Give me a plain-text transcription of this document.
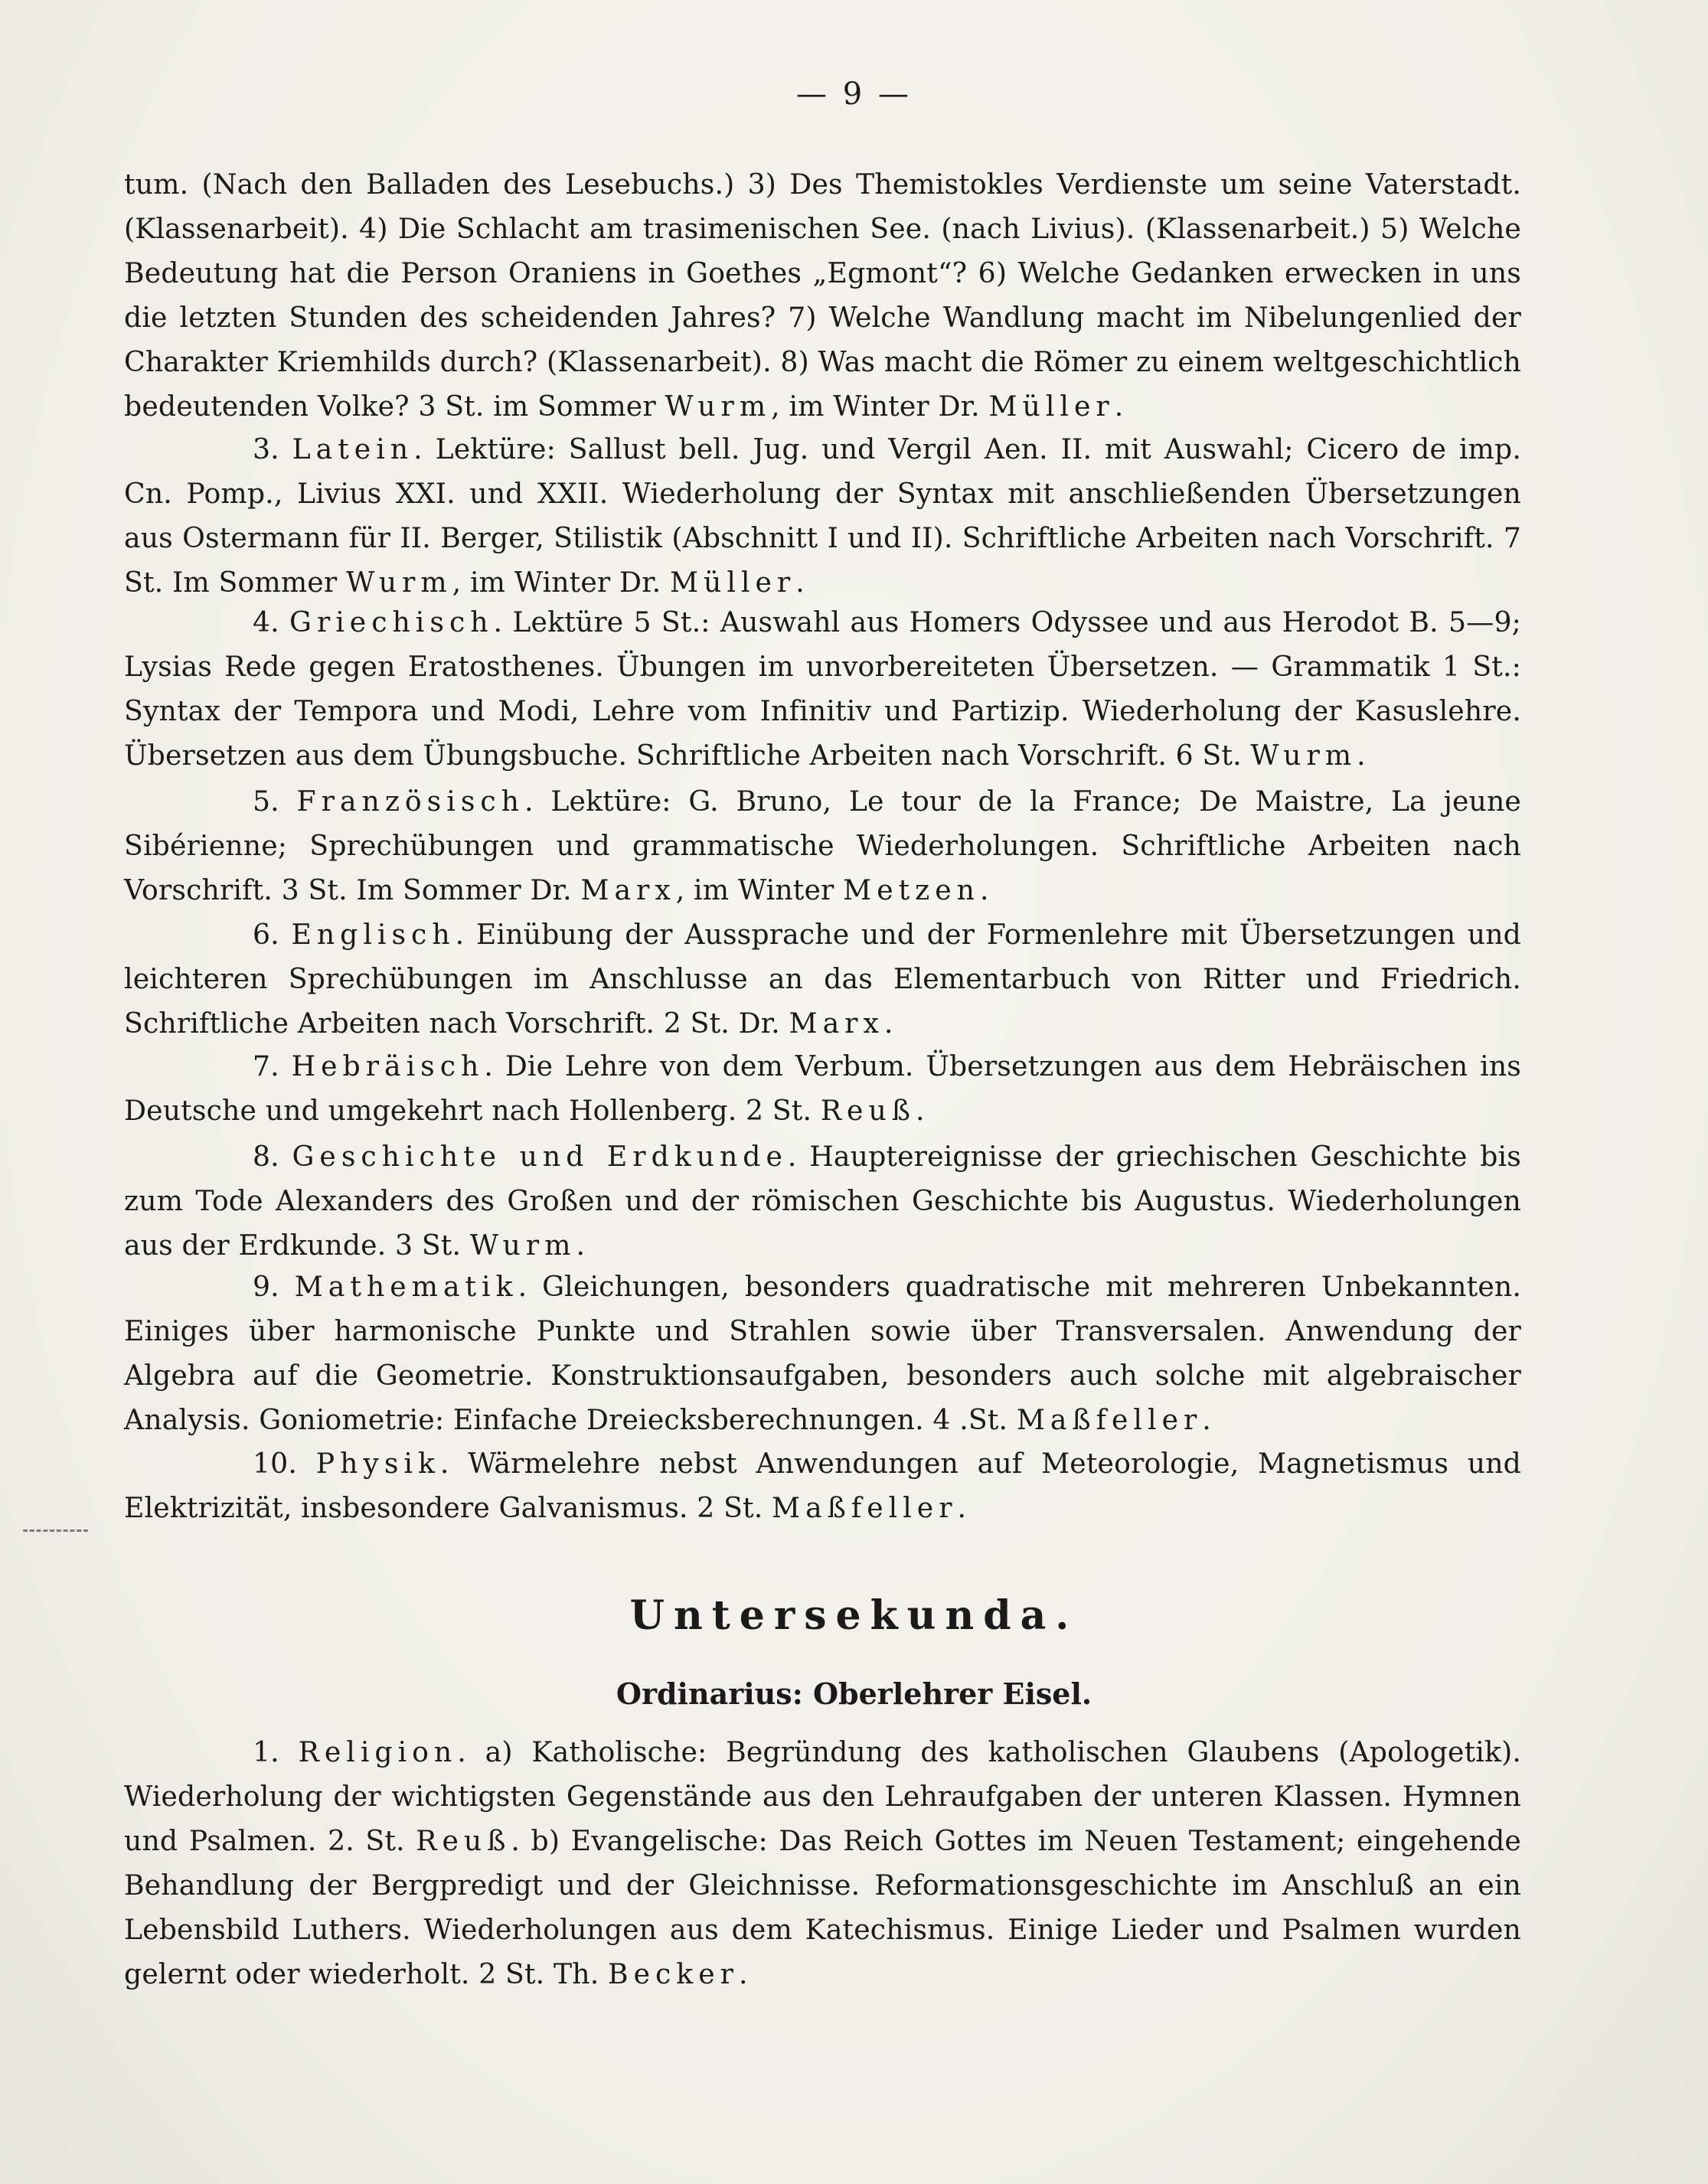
— 9 —

tum. (Nach den Balladen des Lesebuchs.) 3) Des Themistokles Verdienste um seine Vaterstadt. (Klassenarbeit). 4) Die Schlacht am trasimenischen See. (nach Livius). (Klassenarbeit.) 5) Welche Bedeutung hat die Person Oraniens in Goethes „Egmont“? 6) Welche Gedanken erwecken in uns die letzten Stunden des scheidenden Jahres? 7) Welche Wandlung macht im Nibelungenlied der Charakter Kriemhilds durch? (Klassenarbeit). 8) Was macht die Römer zu einem weltgeschichtlich bedeutenden Volke? 3 St. im Sommer Wurm, im Winter Dr. Müller.

3. Latein. Lektüre: Sallust bell. Jug. und Vergil Aen. II. mit Auswahl; Cicero de imp. Cn. Pomp., Livius XXI. und XXII. Wiederholung der Syntax mit anschließenden Übersetzungen aus Ostermann für II. Berger, Stilistik (Abschnitt I und II). Schriftliche Arbeiten nach Vorschrift. 7 St. Im Sommer Wurm, im Winter Dr. Müller.

4. Griechisch. Lektüre 5 St.: Auswahl aus Homers Odyssee und aus Herodot B. 5—9; Lysias Rede gegen Eratosthenes. Übungen im unvorbereiteten Übersetzen. — Grammatik 1 St.: Syntax der Tempora und Modi, Lehre vom Infinitiv und Partizip. Wiederholung der Kasuslehre. Übersetzen aus dem Übungsbuche. Schriftliche Arbeiten nach Vorschrift. 6 St. Wurm.

5. Französisch. Lektüre: G. Bruno, Le tour de la France; De Maistre, La jeune Sibérienne; Sprechübungen und grammatische Wiederholungen. Schriftliche Arbeiten nach Vorschrift. 3 St. Im Sommer Dr. Marx, im Winter Metzen.

6. Englisch. Einübung der Aussprache und der Formenlehre mit Übersetzungen und leichteren Sprechübungen im Anschlusse an das Elementarbuch von Ritter und Friedrich. Schriftliche Arbeiten nach Vorschrift. 2 St. Dr. Marx.

7. Hebräisch. Die Lehre von dem Verbum. Übersetzungen aus dem Hebräischen ins Deutsche und umgekehrt nach Hollenberg. 2 St. Reuß.

8. Geschichte und Erdkunde. Hauptereignisse der griechischen Geschichte bis zum Tode Alexanders des Großen und der römischen Geschichte bis Augustus. Wiederholungen aus der Erdkunde. 3 St. Wurm.

9. Mathematik. Gleichungen, besonders quadratische mit mehreren Unbekannten. Einiges über harmonische Punkte und Strahlen sowie über Transversalen. Anwendung der Algebra auf die Geometrie. Konstruktionsaufgaben, besonders auch solche mit algebraischer Analysis. Goniometrie: Einfache Dreiecksberechnungen. 4 .St. Maßfeller.

10. Physik. Wärmelehre nebst Anwendungen auf Meteorologie, Magnetismus und Elektrizität, insbesondere Galvanismus. 2 St. Maßfeller.

Untersekunda.
Ordinarius: Oberlehrer Eisel.

1. Religion. a) Katholische: Begründung des katholischen Glaubens (Apologetik). Wiederholung der wichtigsten Gegenstände aus den Lehraufgaben der unteren Klassen. Hymnen und Psalmen. 2. St. Reuß. b) Evangelische: Das Reich Gottes im Neuen Testament; eingehende Behandlung der Bergpredigt und der Gleichnisse. Reformationsgeschichte im Anschluß an ein Lebensbild Luthers. Wiederholungen aus dem Katechismus. Einige Lieder und Psalmen wurden gelernt oder wiederholt. 2 St. Th. Becker.
